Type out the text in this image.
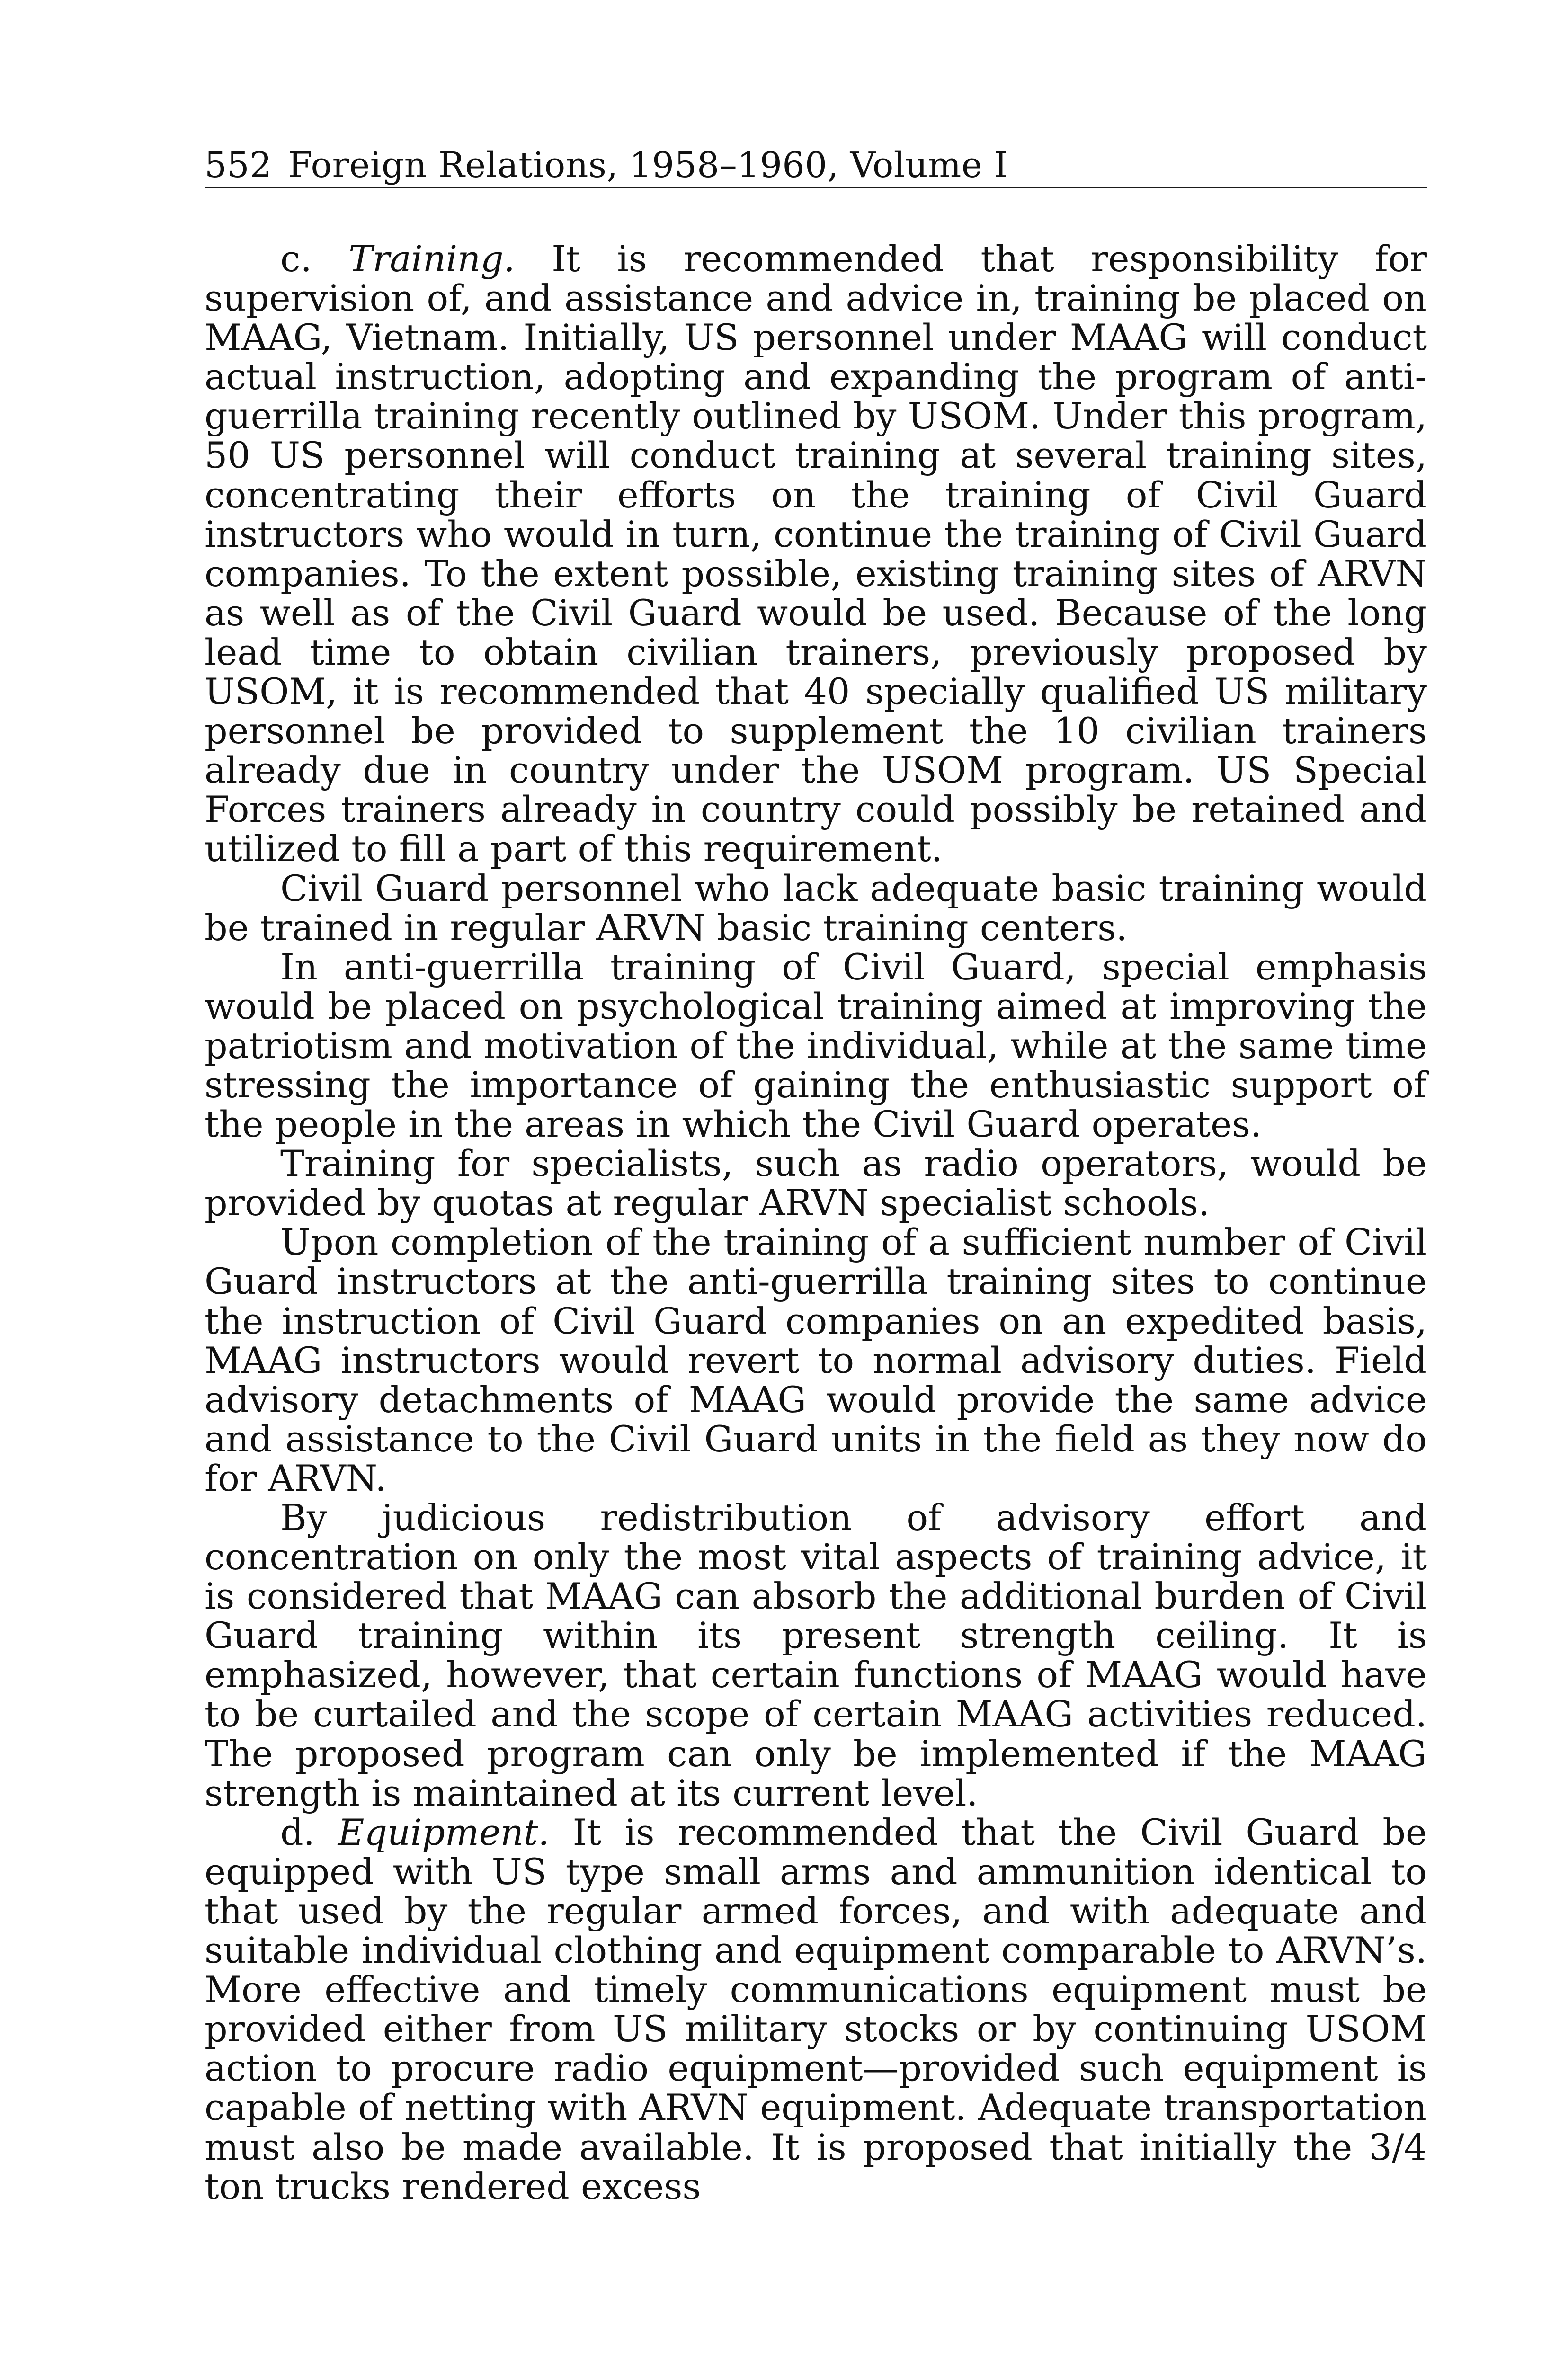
552 Foreign Relations, 1958–1960, Volume I

c. Training. It is recommended that responsibility for supervision of, and assistance and advice in, training be placed on MAAG, Vietnam. Initially, US personnel under MAAG will conduct actual instruction, adopting and expanding the program of anti-guerrilla training recently outlined by USOM. Under this program, 50 US personnel will conduct training at several training sites, concentrating their efforts on the training of Civil Guard instructors who would in turn, continue the training of Civil Guard companies. To the extent possible, existing training sites of ARVN as well as of the Civil Guard would be used. Because of the long lead time to obtain civilian trainers, previously proposed by USOM, it is recommended that 40 specially qualified US military personnel be provided to supplement the 10 civilian trainers already due in country under the USOM program. US Special Forces trainers already in country could possibly be retained and utilized to fill a part of this requirement.

Civil Guard personnel who lack adequate basic training would be trained in regular ARVN basic training centers.

In anti-guerrilla training of Civil Guard, special emphasis would be placed on psychological training aimed at improving the patriotism and motivation of the individual, while at the same time stressing the importance of gaining the enthusiastic support of the people in the areas in which the Civil Guard operates.

Training for specialists, such as radio operators, would be provided by quotas at regular ARVN specialist schools.

Upon completion of the training of a sufficient number of Civil Guard instructors at the anti-guerrilla training sites to continue the instruction of Civil Guard companies on an expedited basis, MAAG instructors would revert to normal advisory duties. Field advisory detachments of MAAG would provide the same advice and assistance to the Civil Guard units in the field as they now do for ARVN.

By judicious redistribution of advisory effort and concentration on only the most vital aspects of training advice, it is considered that MAAG can absorb the additional burden of Civil Guard training within its present strength ceiling. It is emphasized, however, that certain functions of MAAG would have to be curtailed and the scope of certain MAAG activities reduced. The proposed program can only be implemented if the MAAG strength is maintained at its current level.

d. Equipment. It is recommended that the Civil Guard be equipped with US type small arms and ammunition identical to that used by the regular armed forces, and with adequate and suitable individual clothing and equipment comparable to ARVN’s. More effective and timely communications equipment must be provided either from US military stocks or by continuing USOM action to procure radio equipment—provided such equipment is capable of netting with ARVN equipment. Adequate transportation must also be made available. It is proposed that initially the 3/4 ton trucks rendered excess
